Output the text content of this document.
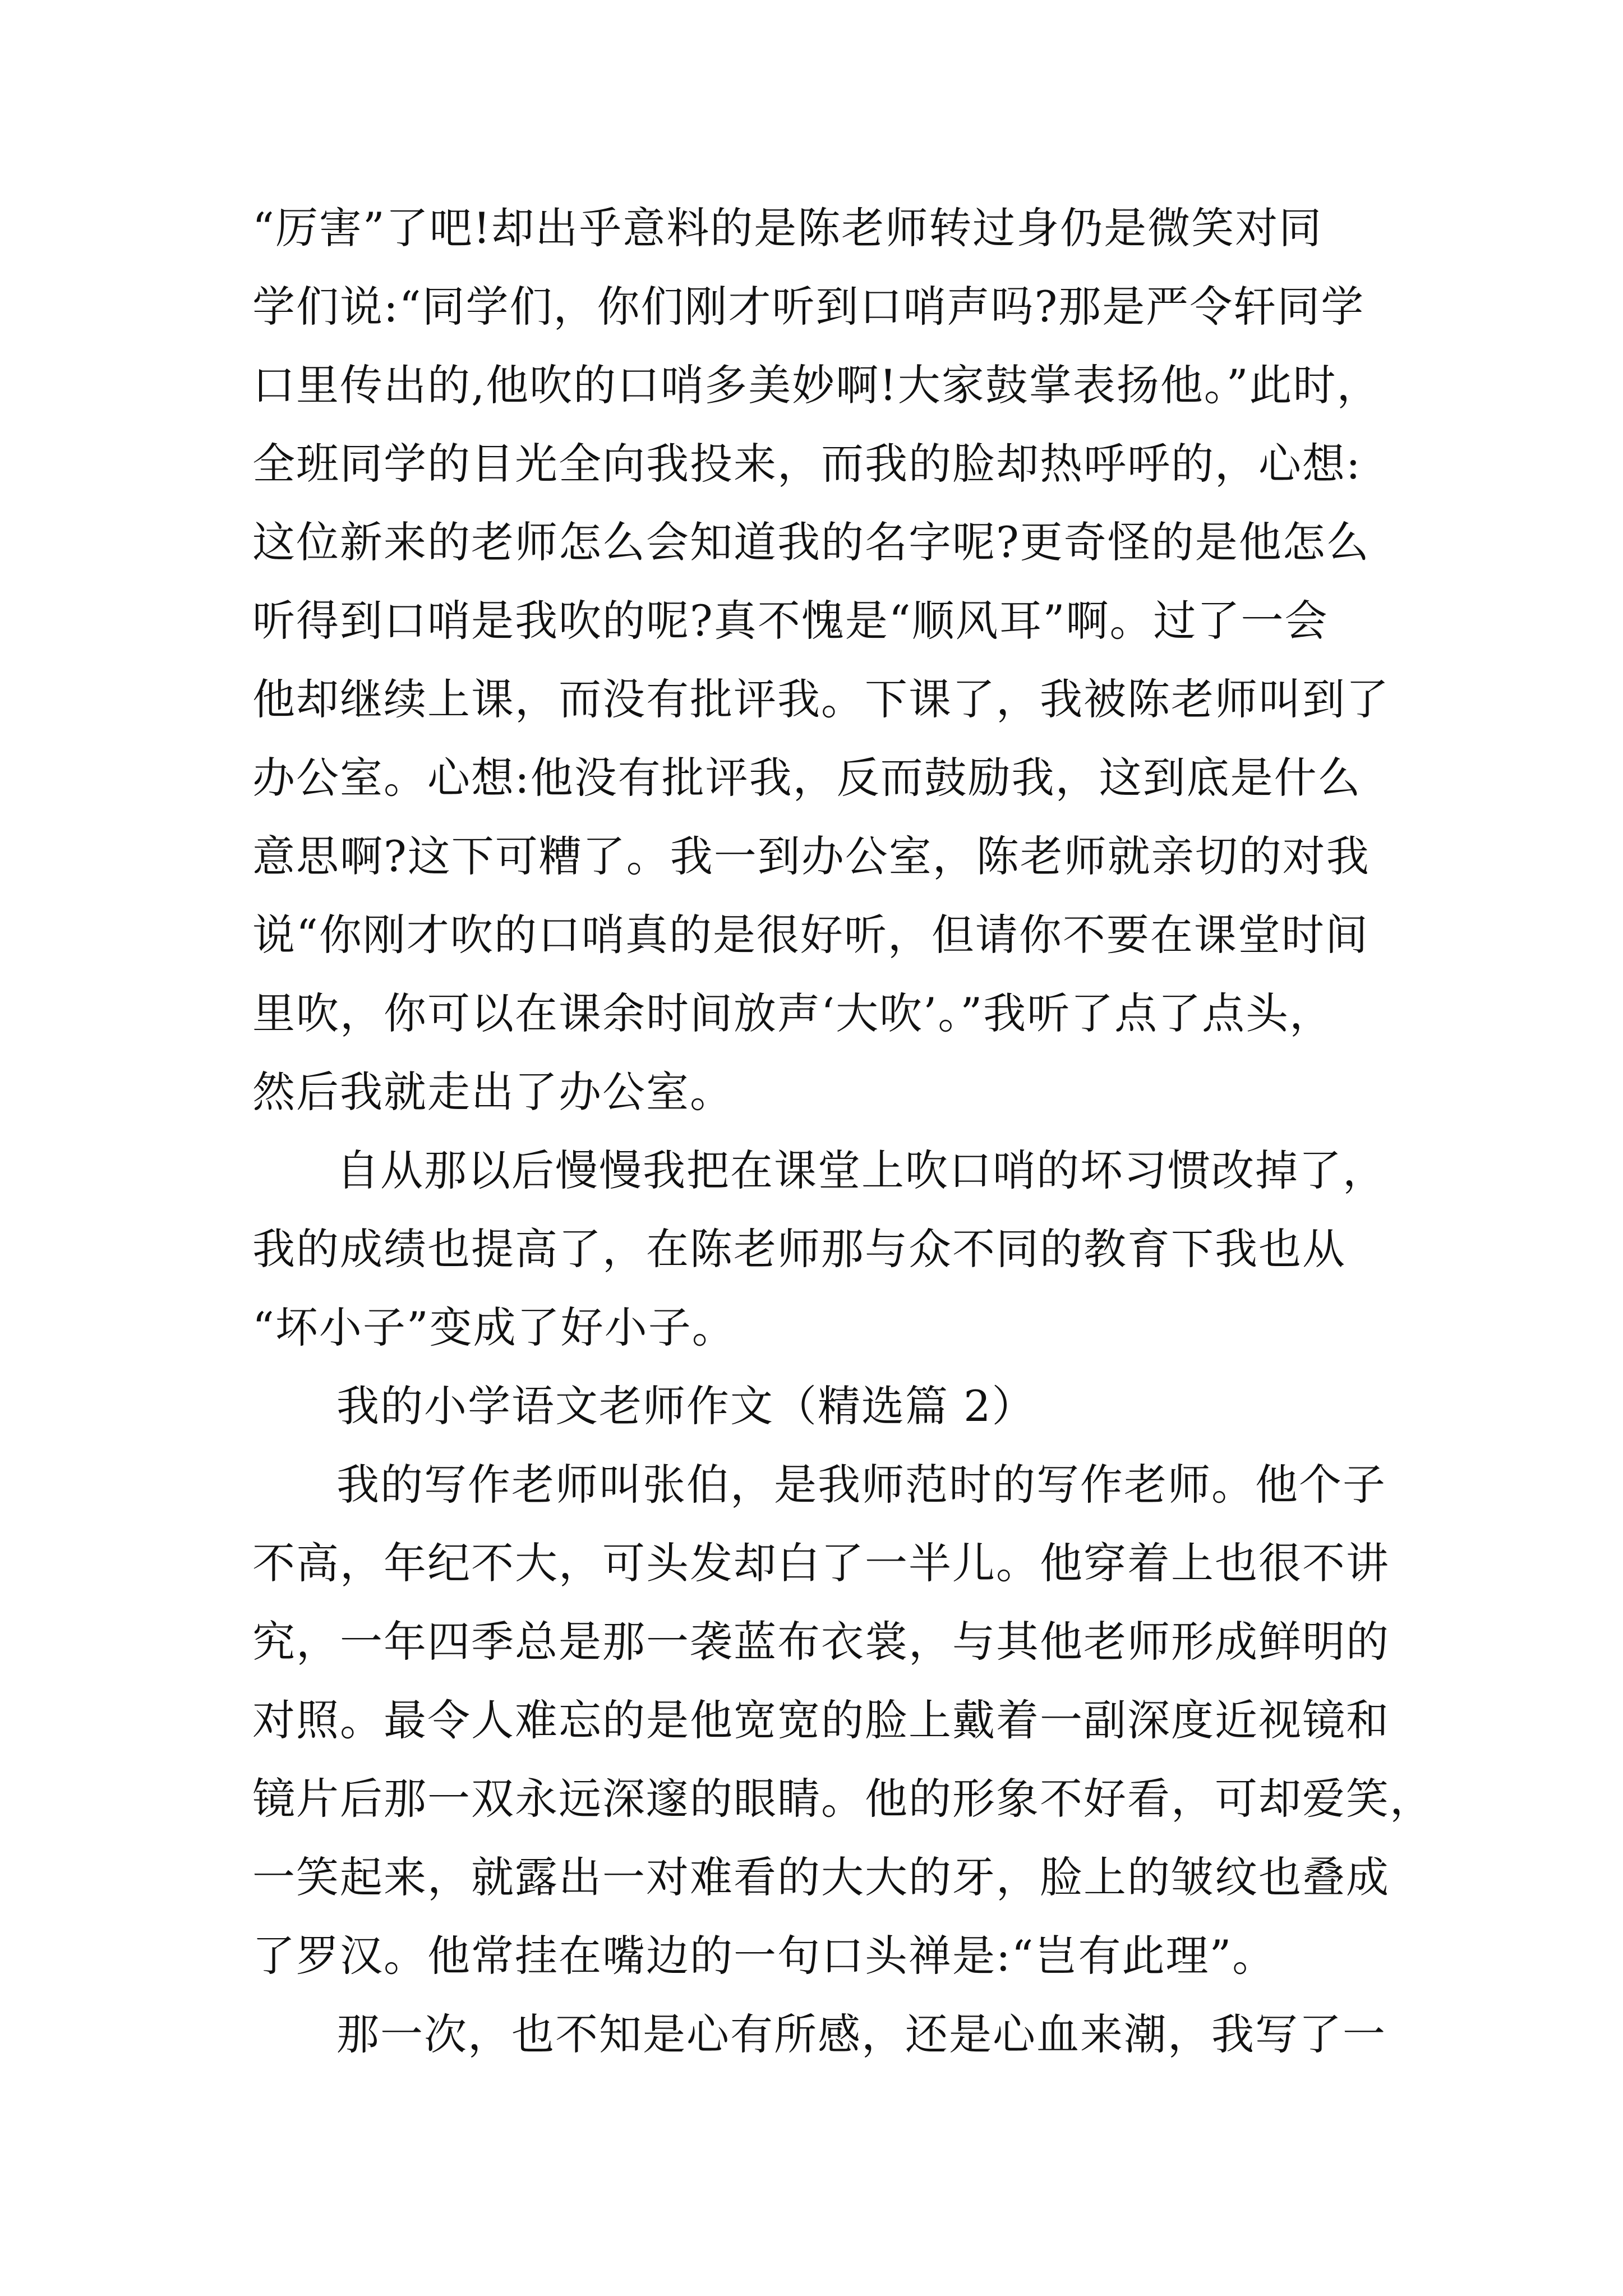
“厉害”了吧!却出乎意料的是陈老师转过身仍是微笑对同
学们说:“同学们，你们刚才听到口哨声吗?那是严令轩同学
口里传出的,他吹的口哨多美妙啊!大家鼓掌表扬他。”此时，
全班同学的目光全向我投来，而我的脸却热呼呼的，心想:
这位新来的老师怎么会知道我的名字呢?更奇怪的是他怎么
听得到口哨是我吹的呢?真不愧是“顺风耳”啊。过了一会
他却继续上课，而没有批评我。下课了，我被陈老师叫到了
办公室。心想:他没有批评我，反而鼓励我，这到底是什么
意思啊?这下可糟了。我一到办公室，陈老师就亲切的对我
说“你刚才吹的口哨真的是很好听，但请你不要在课堂时间
里吹，你可以在课余时间放声‘大吹’。”我听了点了点头，
然后我就走出了办公室。
自从那以后慢慢我把在课堂上吹口哨的坏习惯改掉了，
我的成绩也提高了，在陈老师那与众不同的教育下我也从
“坏小子”变成了好小子。
我的小学语文老师作文（精选篇 2）
我的写作老师叫张伯，是我师范时的写作老师。他个子
不高，年纪不大，可头发却白了一半儿。他穿着上也很不讲
究，一年四季总是那一袭蓝布衣裳，与其他老师形成鲜明的
对照。最令人难忘的是他宽宽的脸上戴着一副深度近视镜和
镜片后那一双永远深邃的眼睛。他的形象不好看，可却爱笑，
一笑起来，就露出一对难看的大大的牙，脸上的皱纹也叠成
了罗汉。他常挂在嘴边的一句口头禅是:“岂有此理”。
那一次，也不知是心有所感，还是心血来潮，我写了一
